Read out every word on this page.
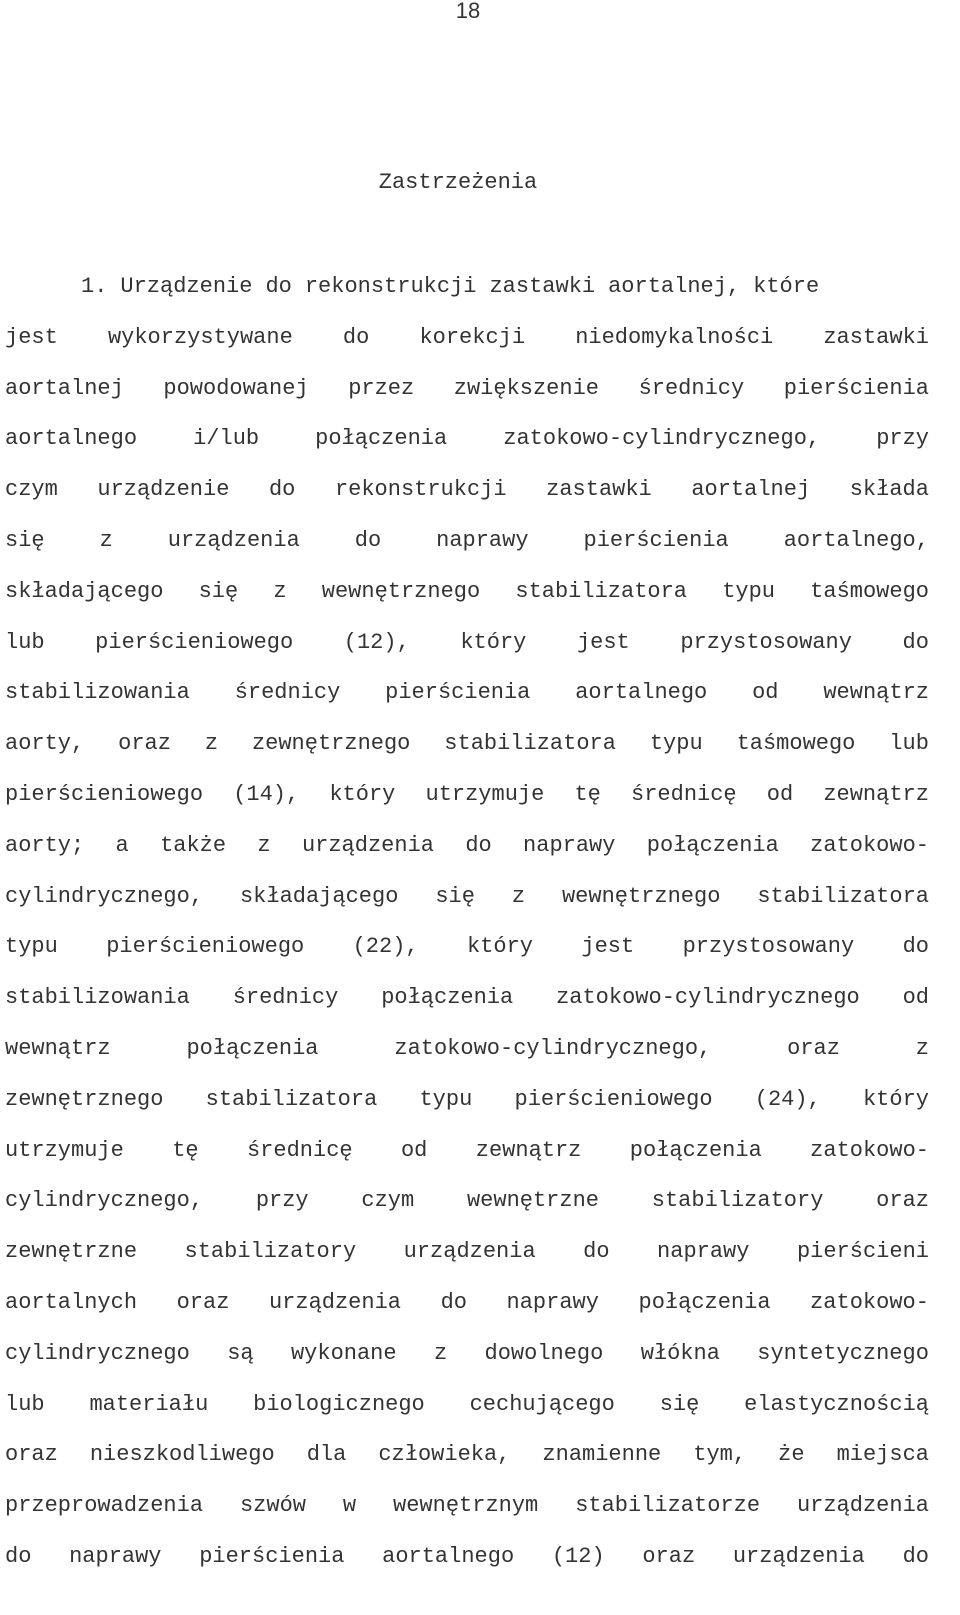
18
Zastrzeżenia
1. Urządzenie do rekonstrukcji zastawki aortalnej, które
jest wykorzystywane do korekcji niedomykalności zastawki
aortalnej powodowanej przez zwiększenie średnicy pierścienia
aortalnego	i/lub	połączenia	zatokowo-cylindrycznego,	przy
czym urządzenie do rekonstrukcji zastawki aortalnej składa
się z urządzenia do naprawy pierścienia aortalnego,
składającego się z wewnętrznego stabilizatora typu taśmowego
lub pierścieniowego (12), który jest przystosowany do
stabilizowania średnicy pierścienia aortalnego od wewnątrz
aorty, oraz z zewnętrznego stabilizatora typu taśmowego lub
pierścieniowego (14), który utrzymuje tę średnicę od zewnątrz
aorty; a także z urządzenia do naprawy połączenia zatokowo-
cylindrycznego, składającego się z wewnętrznego stabilizatora
typu pierścieniowego (22), który jest przystosowany do
stabilizowania średnicy połączenia zatokowo-cylindrycznego od
wewnątrz	połączenia	zatokowo-cylindrycznego,	oraz	z
zewnętrznego stabilizatora typu pierścieniowego (24), który
utrzymuje tę średnicę od zewnątrz połączenia zatokowo-
cylindrycznego, przy czym wewnętrzne stabilizatory oraz
zewnętrzne stabilizatory urządzenia do naprawy pierścieni
aortalnych oraz urządzenia do naprawy połączenia zatokowo-
cylindrycznego są wykonane z dowolnego włókna syntetycznego
lub materiału biologicznego cechującego się elastycznością
oraz nieszkodliwego dla człowieka, znamienne tym, że miejsca
przeprowadzenia szwów w wewnętrznym stabilizatorze urządzenia
do naprawy pierścienia aortalnego (12) oraz urządzenia do
